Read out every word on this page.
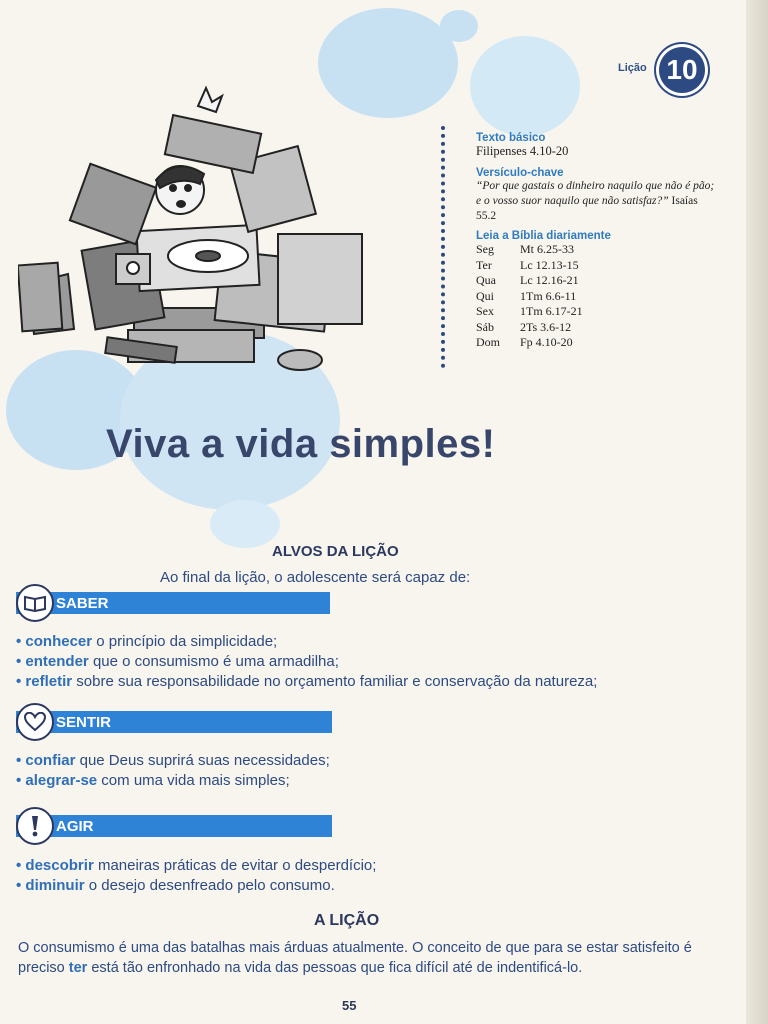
Lição 10
Texto básico
Filipenses 4.10-20
Versículo-chave
“Por que gastais o dinheiro naquilo que não é pão; e o vosso suor naquilo que não satisfaz?” Isaías 55.2
Leia a Bíblia diariamente
Seg	Mt 6.25-33
Ter	Lc 12.13-15
Qua	Lc 12.16-21
Qui	1Tm 6.6-11
Sex	1Tm 6.17-21
Sáb	2Ts 3.6-12
Dom	Fp 4.10-20
Viva a vida simples!
ALVOS DA LIÇÃO
Ao final da lição, o adolescente será capaz de:
SABER
• conhecer o princípio da simplicidade;
• entender que o consumismo é uma armadilha;
• refletir sobre sua responsabilidade no orçamento familiar e conservação da natureza;
SENTIR
• confiar que Deus suprirá suas necessidades;
• alegrar-se com uma vida mais simples;
AGIR
• descobrir maneiras práticas de evitar o desperdício;
• diminuir o desejo desenfreado pelo consumo.
A LIÇÃO
O consumismo é uma das batalhas mais árduas atualmente. O conceito de que para se estar satisfeito é preciso ter está tão enfronhado na vida das pessoas que fica difícil até de indentificá-lo.
55
